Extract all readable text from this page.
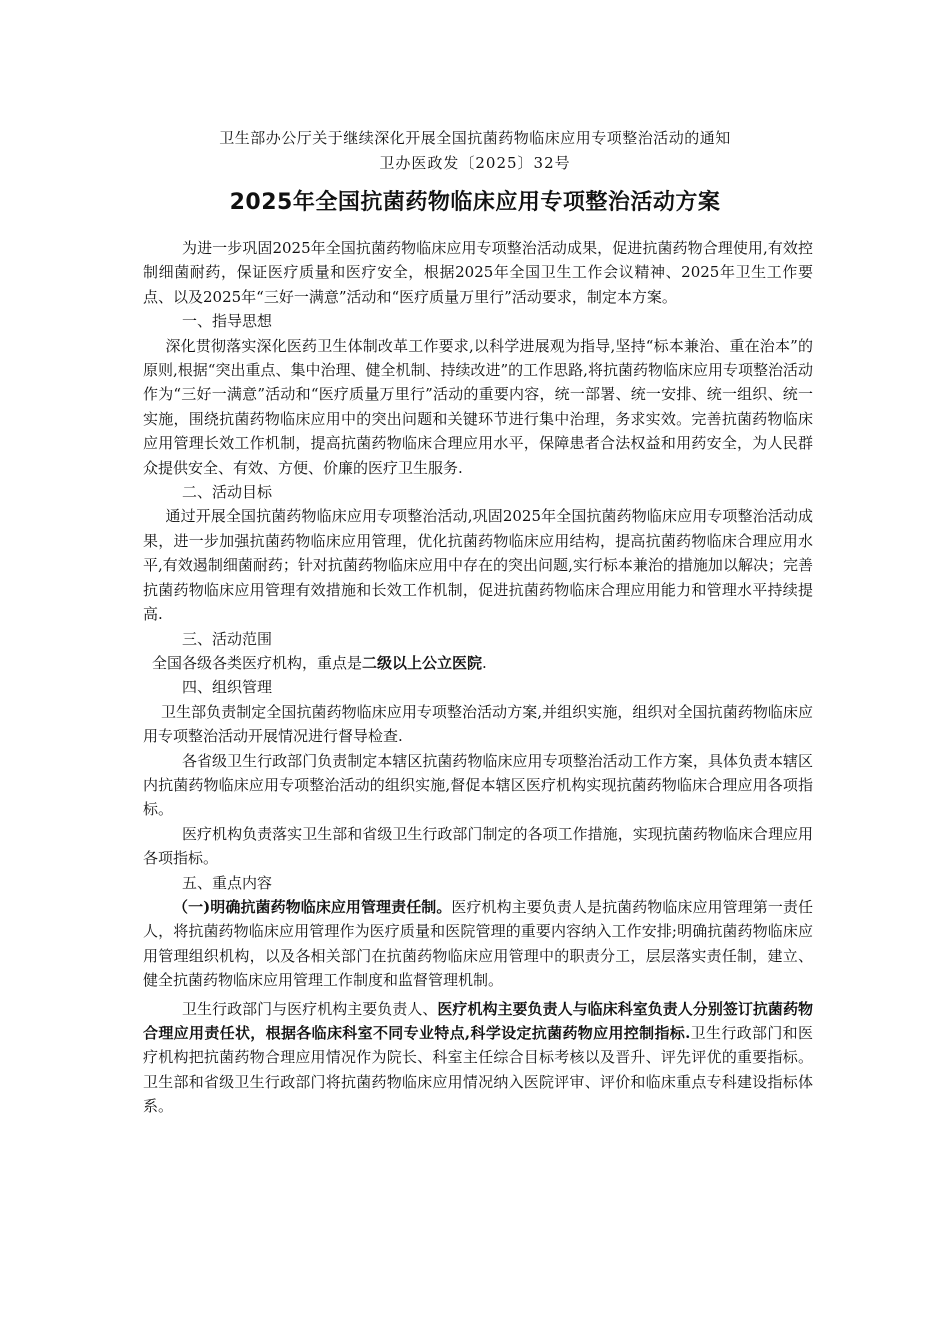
卫生部办公厅关于继续深化开展全国抗菌药物临床应用专项整治活动的通知
卫办医政发〔2025〕32号
2025年全国抗菌药物临床应用专项整治活动方案

为进一步巩固2025年全国抗菌药物临床应用专项整治活动成果，促进抗菌药物合理使用,有效控制细菌耐药，保证医疗质量和医疗安全，根据2025年全国卫生工作会议精神、2025年卫生工作要点、以及2025年“三好一满意”活动和“医疗质量万里行”活动要求，制定本方案。

一、指导思想

深化贯彻落实深化医药卫生体制改革工作要求,以科学进展观为指导,坚持“标本兼治、重在治本”的原则,根据“突出重点、集中治理、健全机制、持续改进”的工作思路,将抗菌药物临床应用专项整治活动作为“三好一满意”活动和“医疗质量万里行”活动的重要内容，统一部署、统一安排、统一组织、统一实施，围绕抗菌药物临床应用中的突出问题和关键环节进行集中治理，务求实效。完善抗菌药物临床应用管理长效工作机制，提高抗菌药物临床合理应用水平，保障患者合法权益和用药安全，为人民群众提供安全、有效、方便、价廉的医疗卫生服务.

二、活动目标

通过开展全国抗菌药物临床应用专项整治活动,巩固2025年全国抗菌药物临床应用专项整治活动成果，进一步加强抗菌药物临床应用管理，优化抗菌药物临床应用结构，提高抗菌药物临床合理应用水平,有效遏制细菌耐药；针对抗菌药物临床应用中存在的突出问题,实行标本兼治的措施加以解决；完善抗菌药物临床应用管理有效措施和长效工作机制，促进抗菌药物临床合理应用能力和管理水平持续提高.

三、活动范围

全国各级各类医疗机构，重点是二级以上公立医院.

四、组织管理

卫生部负责制定全国抗菌药物临床应用专项整治活动方案,并组织实施，组织对全国抗菌药物临床应用专项整治活动开展情况进行督导检查.

各省级卫生行政部门负责制定本辖区抗菌药物临床应用专项整治活动工作方案，具体负责本辖区内抗菌药物临床应用专项整治活动的组织实施,督促本辖区医疗机构实现抗菌药物临床合理应用各项指标。

医疗机构负责落实卫生部和省级卫生行政部门制定的各项工作措施，实现抗菌药物临床合理应用各项指标。

五、重点内容

（一)明确抗菌药物临床应用管理责任制。医疗机构主要负责人是抗菌药物临床应用管理第一责任人，将抗菌药物临床应用管理作为医疗质量和医院管理的重要内容纳入工作安排;明确抗菌药物临床应用管理组织机构，以及各相关部门在抗菌药物临床应用管理中的职责分工，层层落实责任制，建立、健全抗菌药物临床应用管理工作制度和监督管理机制。

卫生行政部门与医疗机构主要负责人、医疗机构主要负责人与临床科室负责人分别签订抗菌药物合理应用责任状，根据各临床科室不同专业特点,科学设定抗菌药物应用控制指标.卫生行政部门和医疗机构把抗菌药物合理应用情况作为院长、科室主任综合目标考核以及晋升、评先评优的重要指标。卫生部和省级卫生行政部门将抗菌药物临床应用情况纳入医院评审、评价和临床重点专科建设指标体系。
